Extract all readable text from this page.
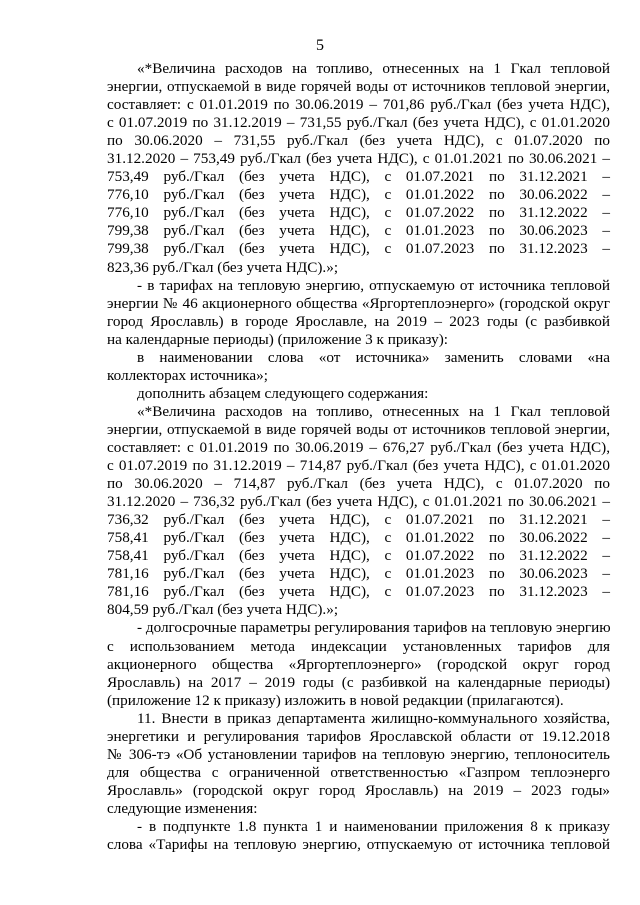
5
«*Величина расходов на топливо, отнесенных на 1 Гкал тепловой
энергии, отпускаемой в виде горячей воды от источников тепловой энергии,
составляет: с 01.01.2019 по 30.06.2019 – 701,86 руб./Гкал (без учета НДС),
с 01.07.2019 по 31.12.2019 – 731,55 руб./Гкал (без учета НДС), с 01.01.2020
по 30.06.2020 – 731,55 руб./Гкал (без учета НДС), с 01.07.2020 по
31.12.2020 – 753,49 руб./Гкал (без учета НДС), с 01.01.2021 по 30.06.2021 –
753,49 руб./Гкал (без учета НДС), с 01.07.2021 по 31.12.2021 –
776,10 руб./Гкал (без учета НДС), с 01.01.2022 по 30.06.2022 –
776,10 руб./Гкал (без учета НДС), с 01.07.2022 по 31.12.2022 –
799,38 руб./Гкал (без учета НДС), с 01.01.2023 по 30.06.2023 –
799,38 руб./Гкал (без учета НДС), с 01.07.2023 по 31.12.2023 –
823,36 руб./Гкал (без учета НДС).»;
- в тарифах на тепловую энергию, отпускаемую от источника тепловой
энергии № 46 акционерного общества «Яргортеплоэнерго» (городской округ
город Ярославль) в городе Ярославле, на 2019 – 2023 годы (с разбивкой
на календарные периоды) (приложение 3 к приказу):
в наименовании слова «от источника» заменить словами «на
коллекторах источника»;
дополнить абзацем следующего содержания:
«*Величина расходов на топливо, отнесенных на 1 Гкал тепловой
энергии, отпускаемой в виде горячей воды от источников тепловой энергии,
составляет: с 01.01.2019 по 30.06.2019 – 676,27 руб./Гкал (без учета НДС),
с 01.07.2019 по 31.12.2019 – 714,87 руб./Гкал (без учета НДС), с 01.01.2020
по 30.06.2020 – 714,87 руб./Гкал (без учета НДС), с 01.07.2020 по
31.12.2020 – 736,32 руб./Гкал (без учета НДС), с 01.01.2021 по 30.06.2021 –
736,32 руб./Гкал (без учета НДС), с 01.07.2021 по 31.12.2021 –
758,41 руб./Гкал (без учета НДС), с 01.01.2022 по 30.06.2022 –
758,41 руб./Гкал (без учета НДС), с 01.07.2022 по 31.12.2022 –
781,16 руб./Гкал (без учета НДС), с 01.01.2023 по 30.06.2023 –
781,16 руб./Гкал (без учета НДС), с 01.07.2023 по 31.12.2023 –
804,59 руб./Гкал (без учета НДС).»;
- долгосрочные параметры регулирования тарифов на тепловую энергию
с использованием метода индексации установленных тарифов для
акционерного общества «Яргортеплоэнерго» (городской округ город
Ярославль) на 2017 – 2019 годы (с разбивкой на календарные периоды)
(приложение 12 к приказу) изложить в новой редакции (прилагаются).
11. Внести в приказ департамента жилищно-коммунального хозяйства,
энергетики и регулирования тарифов Ярославской области от 19.12.2018
№ 306-тэ «Об установлении тарифов на тепловую энергию, теплоноситель
для общества с ограниченной ответственностью «Газпром теплоэнерго
Ярославль» (городской округ город Ярославль) на 2019 – 2023 годы»
следующие изменения:
- в подпункте 1.8 пункта 1 и наименовании приложения 8 к приказу
слова «Тарифы на тепловую энергию, отпускаемую от источника тепловой
